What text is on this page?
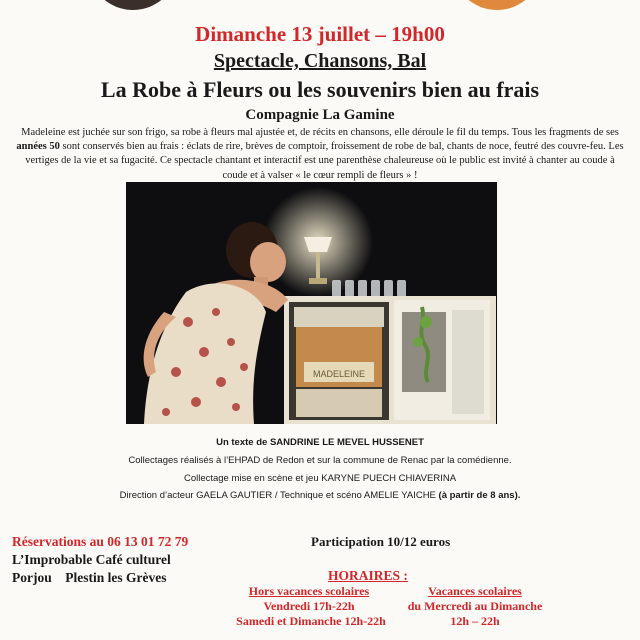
Dimanche 13 juillet – 19h00
Spectacle, Chansons, Bal
La Robe à Fleurs ou les souvenirs bien au frais
Compagnie La Gamine
Madeleine est juchée sur son frigo, sa robe à fleurs mal ajustée et, de récits en chansons, elle déroule le fil du temps. Tous les fragments de ses années 50 sont conservés bien au frais : éclats de rire, brèves de comptoir, froissement de robe de bal, chants de noce, feutré des couvre-feu. Les vertiges de la vie et sa fugacité. Ce spectacle chantant et interactif est une parenthèse chaleureuse où le public est invité à chanter au coude à coude et à valser « le cœur rempli de fleurs » !
MADELEINE
Un texte de SANDRINE LE MEVEL HUSSENET
Collectages réalisés à l’EHPAD de Redon et sur la commune de Renac par la comédienne.
Collectage mise en scène et jeu KARYNE PUECH CHIAVERINA
Direction d’acteur GAELA GAUTIER / Technique et scéno AMELIE YAICHE (à partir de 8 ans).
Réservations au 06 13 01 72 79
L’Improbable Café culturel
Porjou    Plestin les Grèves
Participation 10/12 euros
HORAIRES :
Hors vacances scolaires
Vendredi 17h-22h
Samedi et Dimanche 12h-22h
Vacances scolaires
du Mercredi au Dimanche
12h – 22h
